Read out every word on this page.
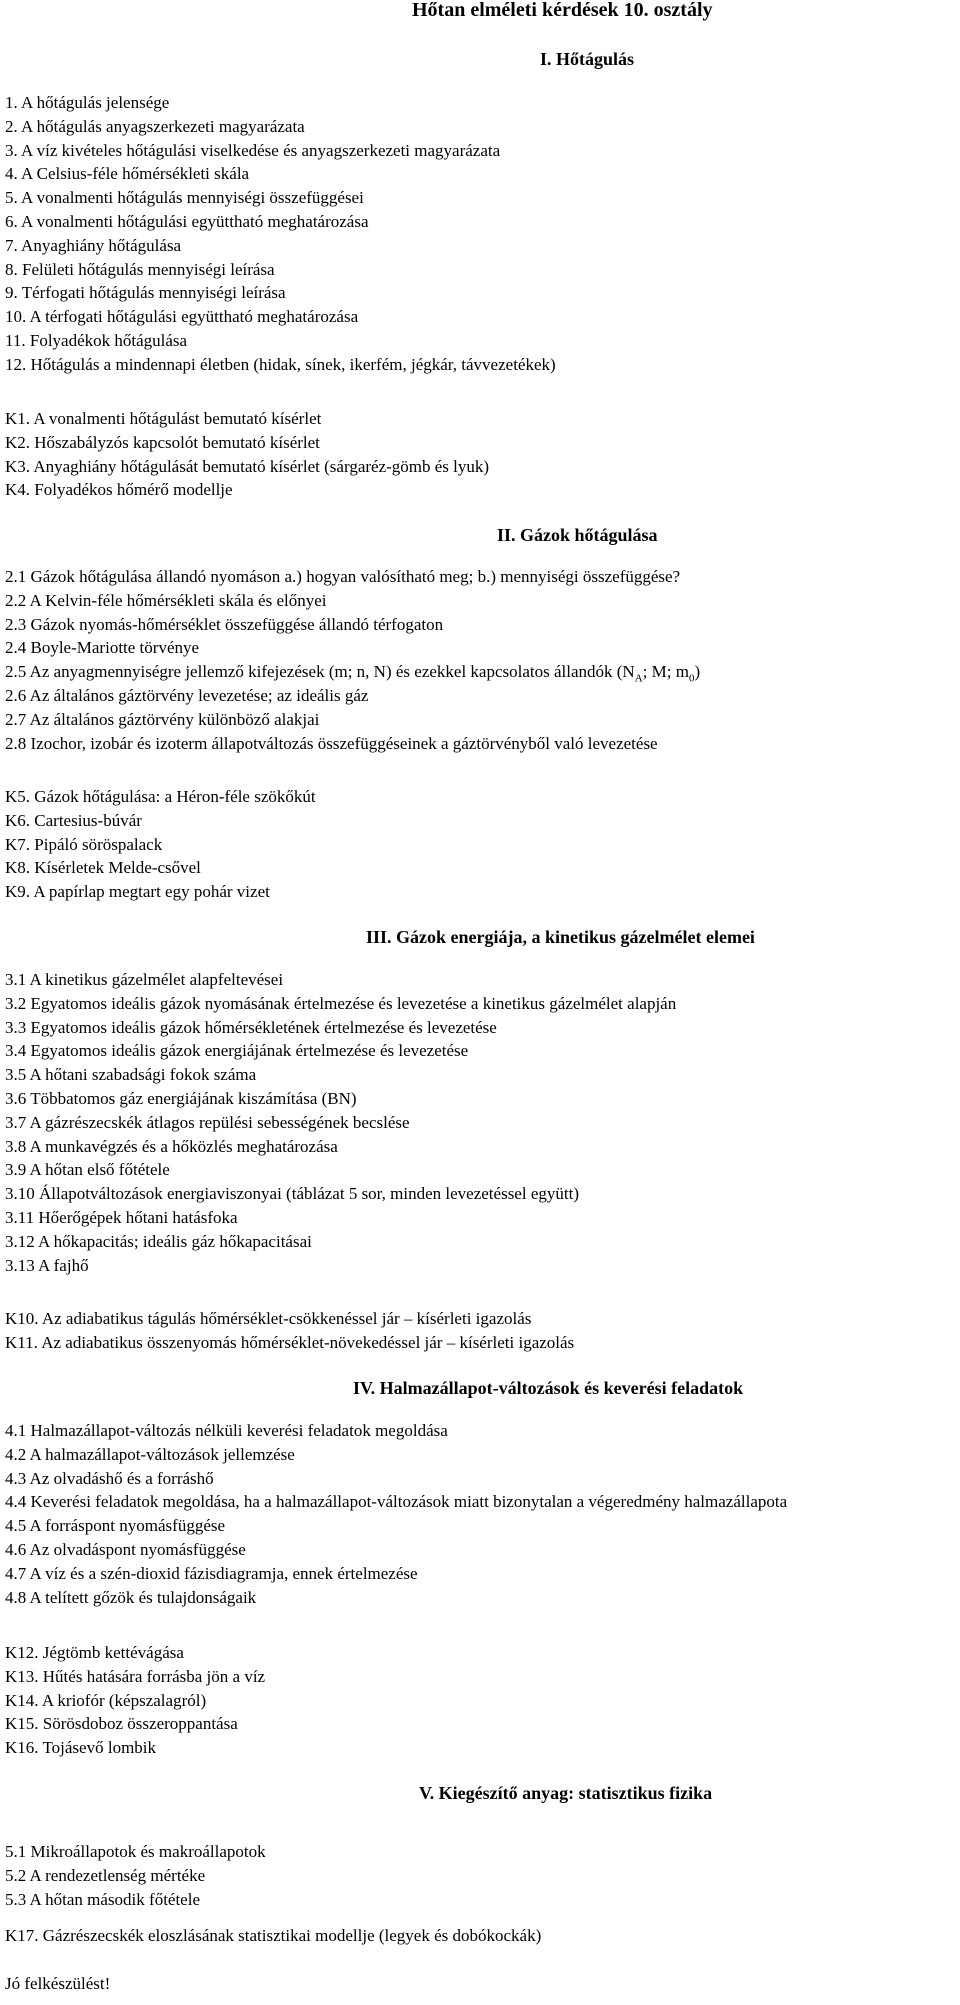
Hőtan elméleti kérdések 10. osztály
I. Hőtágulás
1. A hőtágulás jelensége
2. A hőtágulás anyagszerkezeti magyarázata
3. A víz kivételes hőtágulási viselkedése és anyagszerkezeti magyarázata
4. A Celsius-féle hőmérsékleti skála
5. A vonalmenti hőtágulás mennyiségi összefüggései
6. A vonalmenti hőtágulási együttható meghatározása
7. Anyaghiány hőtágulása
8. Felületi hőtágulás mennyiségi leírása
9. Térfogati hőtágulás mennyiségi leírása
10. A térfogati hőtágulási együttható meghatározása
11. Folyadékok hőtágulása
12. Hőtágulás a mindennapi életben (hidak, sínek, ikerfém, jégkár, távvezetékek)
K1. A vonalmenti hőtágulást bemutató kísérlet
K2. Hőszabályzós kapcsolót bemutató kísérlet
K3. Anyaghiány hőtágulását bemutató kísérlet (sárgaréz-gömb és lyuk)
K4. Folyadékos hőmérő modellje
II. Gázok hőtágulása
2.1 Gázok hőtágulása állandó nyomáson a.) hogyan valósítható meg; b.) mennyiségi összefüggése?
2.2 A Kelvin-féle hőmérsékleti skála és előnyei
2.3 Gázok nyomás-hőmérséklet összefüggése állandó térfogaton
2.4 Boyle-Mariotte törvénye
2.5 Az anyagmennyiségre jellemző kifejezések (m; n, N) és ezekkel kapcsolatos állandók ($N_A$; M; $m_0$)
2.6 Az általános gáztörvény levezetése; az ideális gáz
2.7 Az általános gáztörvény különböző alakjai
2.8 Izochor, izobár és izoterm állapotváltozás összefüggéseinek a gáztörvényből való levezetése
K5. Gázok hőtágulása: a Héron-féle szökőkút
K6. Cartesius-búvár
K7. Pipáló söröspalack
K8. Kísérletek Melde-csővel
K9. A papírlap megtart egy pohár vizet
III. Gázok energiája, a kinetikus gázelmélet elemei
3.1 A kinetikus gázelmélet alapfeltevései
3.2 Egyatomos ideális gázok nyomásának értelmezése és levezetése a kinetikus gázelmélet alapján
3.3 Egyatomos ideális gázok hőmérsékletének értelmezése és levezetése
3.4 Egyatomos ideális gázok energiájának értelmezése és levezetése
3.5 A hőtani szabadsági fokok száma
3.6 Többatomos gáz energiájának kiszámítása (BN)
3.7 A gázrészecskék átlagos repülési sebességének becslése
3.8 A munkavégzés és a hőközlés meghatározása
3.9 A hőtan első főtétele
3.10 Állapotváltozások energiaviszonyai (táblázat 5 sor, minden levezetéssel együtt)
3.11 Hőerőgépek hőtani hatásfoka
3.12 A hőkapacitás; ideális gáz hőkapacitásai
3.13 A fajhő
K10. Az adiabatikus tágulás hőmérséklet-csökkenéssel jár – kísérleti igazolás
K11. Az adiabatikus összenyomás hőmérséklet-növekedéssel jár – kísérleti igazolás
IV. Halmazállapot-változások és keverési feladatok
4.1 Halmazállapot-változás nélküli keverési feladatok megoldása
4.2 A halmazállapot-változások jellemzése
4.3 Az olvadáshő és a forráshő
4.4 Keverési feladatok megoldása, ha a halmazállapot-változások miatt bizonytalan a végeredmény halmazállapota
4.5 A forráspont nyomásfüggése
4.6 Az olvadáspont nyomásfüggése
4.7 A víz és a szén-dioxid fázisdiagramja, ennek értelmezése
4.8 A telített gőzök és tulajdonságaik
K12. Jégtömb kettévágása
K13. Hűtés hatására forrásba jön a víz
K14. A kriofór (képszalagról)
K15. Sörösdoboz összeroppantása
K16. Tojásevő lombik
V. Kiegészítő anyag: statisztikus fizika
5.1 Mikroállapotok és makroállapotok
5.2 A rendezetlenség mértéke
5.3 A hőtan második főtétele
K17. Gázrészecskék eloszlásának statisztikai modellje (legyek és dobókockák)
Jó felkészülést!
